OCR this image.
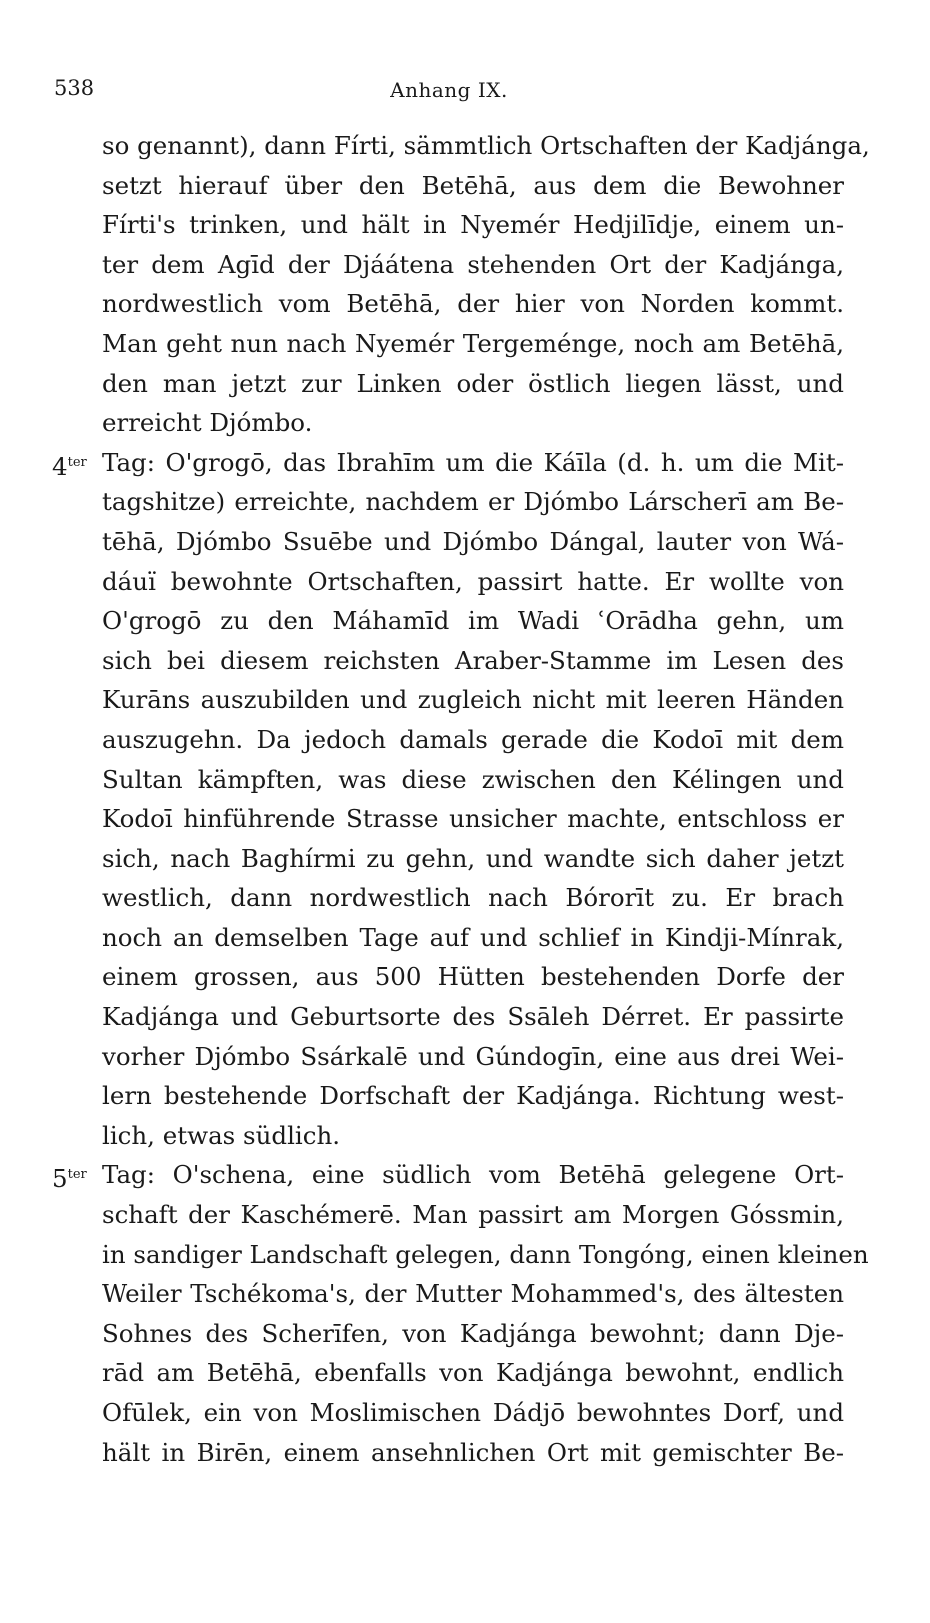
538	Anhang IX.
so genannt), dann Fírti, sämmtlich Ortschaften der Kadjánga,
setzt hierauf über den Betēhā, aus dem die Bewohner
Fírti's trinken, und hält in Nyemér Hedjilīdje, einem un-
ter dem Agīd der Djáátena stehenden Ort der Kadjánga,
nordwestlich vom Betēhā, der hier von Norden kommt.
Man geht nun nach Nyemér Tergeménge, noch am Betēhā,
den man jetzt zur Linken oder östlich liegen lässt, und
erreicht Djómbo.
$4^{ter}$ Tag: O'grogō, das Ibrahīm um die Káīla (d. h. um die Mit-
tagshitze) erreichte, nachdem er Djómbo Lárscherī am Be-
tēhā, Djómbo Ssuēbe und Djómbo Dángal, lauter von Wá-
dáuï bewohnte Ortschaften, passirt hatte. Er wollte von
O'grogō zu den Máhamīd im Wadi ʿOrādha gehn, um
sich bei diesem reichsten Araber-Stamme im Lesen des
Kurāns auszubilden und zugleich nicht mit leeren Händen
auszugehn. Da jedoch damals gerade die Kodoī mit dem
Sultan kämpften, was diese zwischen den Kélingen und
Kodoī hinführende Strasse unsicher machte, entschloss er
sich, nach Baghírmi zu gehn, und wandte sich daher jetzt
westlich, dann nordwestlich nach Bórorīt zu. Er brach
noch an demselben Tage auf und schlief in Kindji-Mínrak,
einem grossen, aus 500 Hütten bestehenden Dorfe der
Kadjánga und Geburtsorte des Ssāleh Dérret. Er passirte
vorher Djómbo Ssárkalē und Gúndogīn, eine aus drei Wei-
lern bestehende Dorfschaft der Kadjánga. Richtung west-
lich, etwas südlich.
$5^{ter}$ Tag: O'schena, eine südlich vom Betēhā gelegene Ort-
schaft der Kaschémerē. Man passirt am Morgen Góssmin,
in sandiger Landschaft gelegen, dann Tongóng, einen kleinen
Weiler Tschékoma's, der Mutter Mohammed's, des ältesten
Sohnes des Scherīfen, von Kadjánga bewohnt; dann Dje-
rād am Betēhā, ebenfalls von Kadjánga bewohnt, endlich
Ofūlek, ein von Moslimischen Dádjō bewohntes Dorf, und
hält in Birēn, einem ansehnlichen Ort mit gemischter Be-
